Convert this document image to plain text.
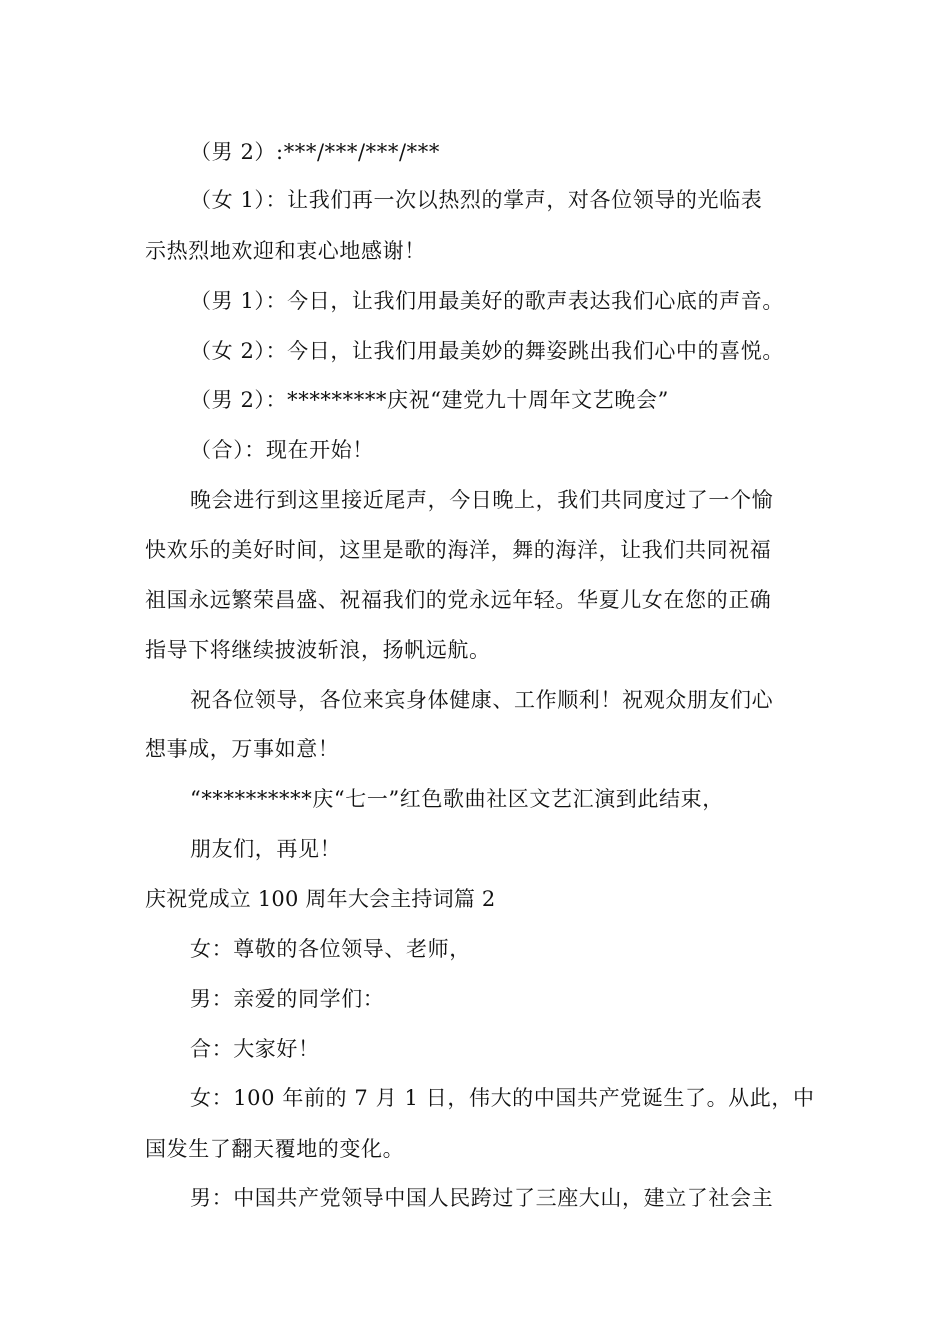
（男 2）:***/***/***/***
（女 1）：让我们再一次以热烈的掌声，对各位领导的光临表
示热烈地欢迎和衷心地感谢！
（男 1）：今日，让我们用最美好的歌声表达我们心底的声音。
（女 2）：今日，让我们用最美妙的舞姿跳出我们心中的喜悦。
（男 2）：*********庆祝“建党九十周年文艺晚会”
（合）：现在开始！
晚会进行到这里接近尾声，今日晚上，我们共同度过了一个愉
快欢乐的美好时间，这里是歌的海洋，舞的海洋，让我们共同祝福
祖国永远繁荣昌盛、祝福我们的党永远年轻。华夏儿女在您的正确
指导下将继续披波斩浪，扬帆远航。
祝各位领导，各位来宾身体健康、工作顺利！祝观众朋友们心
想事成，万事如意！
“**********庆“七一”红色歌曲社区文艺汇演到此结束，
朋友们，再见！
庆祝党成立 100 周年大会主持词篇 2
女：尊敬的各位领导、老师，
男：亲爱的同学们：
合：大家好！
女：100 年前的 7 月 1 日，伟大的中国共产党诞生了。从此，中
国发生了翻天覆地的变化。
男：中国共产党领导中国人民跨过了三座大山，建立了社会主
